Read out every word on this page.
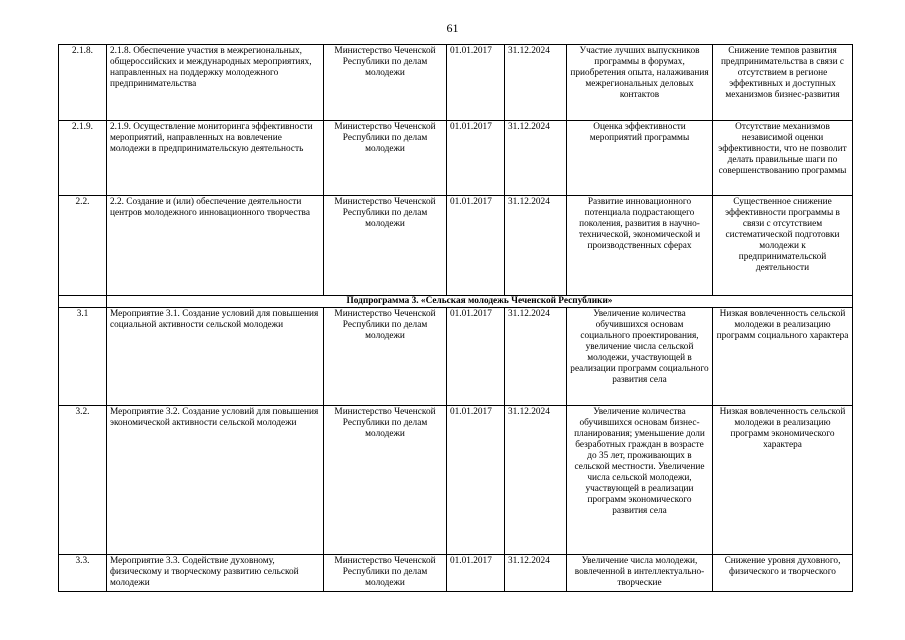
61
2.1.8.	2.1.8. Обеспечение участия в межрегиональных, общероссийских и международных мероприятиях, направленных на поддержку молодежного предпринимательства	Министерство Чеченской Республики по делам молодежи	01.01.2017	31.12.2024	Участие лучших выпускников программы в форумах, приобретения опыта, налаживания межрегиональных деловых контактов	Снижение темпов развития предпринимательства в связи с отсутствием в регионе эффективных и доступных механизмов бизнес-развития
2.1.9.	2.1.9. Осуществление мониторинга эффективности мероприятий, направленных на вовлечение молодежи в предпринимательскую деятельность	Министерство Чеченской Республики по делам молодежи	01.01.2017	31.12.2024	Оценка эффективности мероприятий программы	Отсутствие механизмов независимой оценки эффективности, что не позволит делать правильные шаги по совершенствованию программы
2.2.	2.2. Создание и (или) обеспечение деятельности центров молодежного инновационного творчества	Министерство Чеченской Республики по делам молодежи	01.01.2017	31.12.2024	Развитие инновационного потенциала подрастающего поколения, развития в научно-технической, экономической и производственных сферах	Существенное снижение эффективности программы в связи с отсутствием систематической подготовки молодежи к предпринимательской деятельности
	Подпрограмма 3. «Сельская молодежь Чеченской Республики»					
3.1	Мероприятие 3.1. Создание условий для повышения социальной активности сельской молодежи	Министерство Чеченской Республики по делам молодежи	01.01.2017	31.12.2024	Увеличение количества обучившихся основам социального проектирования, увеличение числа сельской молодежи, участвующей в реализации программ социального развития села	Низкая вовлеченность сельской молодежи в реализацию программ социального характера
3.2.	Мероприятие 3.2. Создание условий для повышения экономической активности сельской молодежи	Министерство Чеченской Республики по делам молодежи	01.01.2017	31.12.2024	Увеличение количества обучившихся основам бизнес-планирования; уменьшение доли безработных граждан в возрасте до 35 лет, проживающих в сельской местности. Увеличение числа сельской молодежи, участвующей в реализации программ экономического развития села	Низкая вовлеченность сельской молодежи в реализацию программ экономического характера
3.3.	Мероприятие 3.3. Содействие духовному, физическому и творческому развитию сельской молодежи	Министерство Чеченской Республики по делам молодежи	01.01.2017	31.12.2024	Увеличение числа молодежи, вовлеченной в интеллектуально-творческие	Снижение уровня духовного, физического и творческого
